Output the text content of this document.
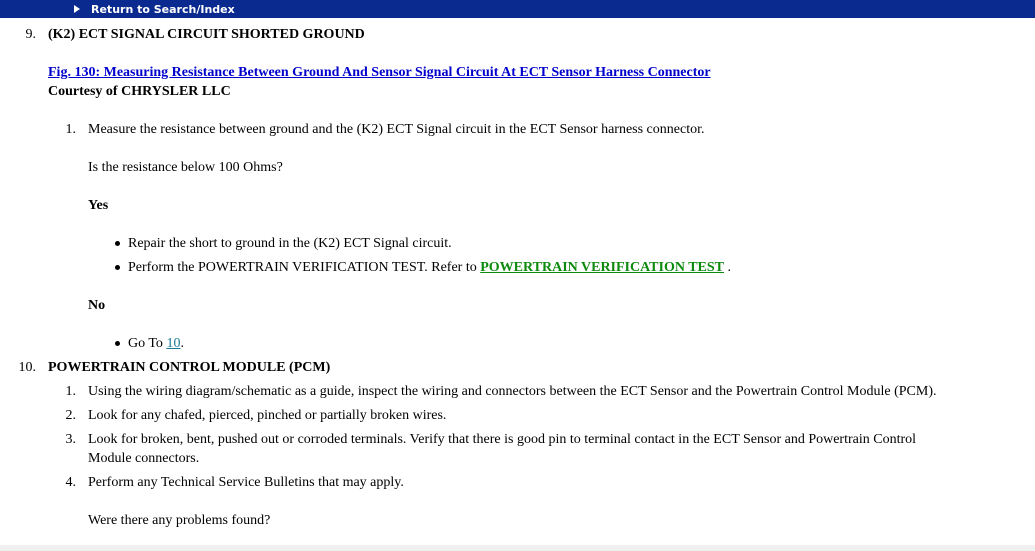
Return to Search/Index
9. (K2) ECT SIGNAL CIRCUIT SHORTED GROUND
Fig. 130: Measuring Resistance Between Ground And Sensor Signal Circuit At ECT Sensor Harness Connector
Courtesy of CHRYSLER LLC
1. Measure the resistance between ground and the (K2) ECT Signal circuit in the ECT Sensor harness connector.
Is the resistance below 100 Ohms?
Yes
Repair the short to ground in the (K2) ECT Signal circuit.
Perform the POWERTRAIN VERIFICATION TEST. Refer to POWERTRAIN VERIFICATION TEST .
No
Go To 10.
10. POWERTRAIN CONTROL MODULE (PCM)
1. Using the wiring diagram/schematic as a guide, inspect the wiring and connectors between the ECT Sensor and the Powertrain Control Module (PCM).
2. Look for any chafed, pierced, pinched or partially broken wires.
3. Look for broken, bent, pushed out or corroded terminals. Verify that there is good pin to terminal contact in the ECT Sensor and Powertrain Control
Module connectors.
4. Perform any Technical Service Bulletins that may apply.
Were there any problems found?
